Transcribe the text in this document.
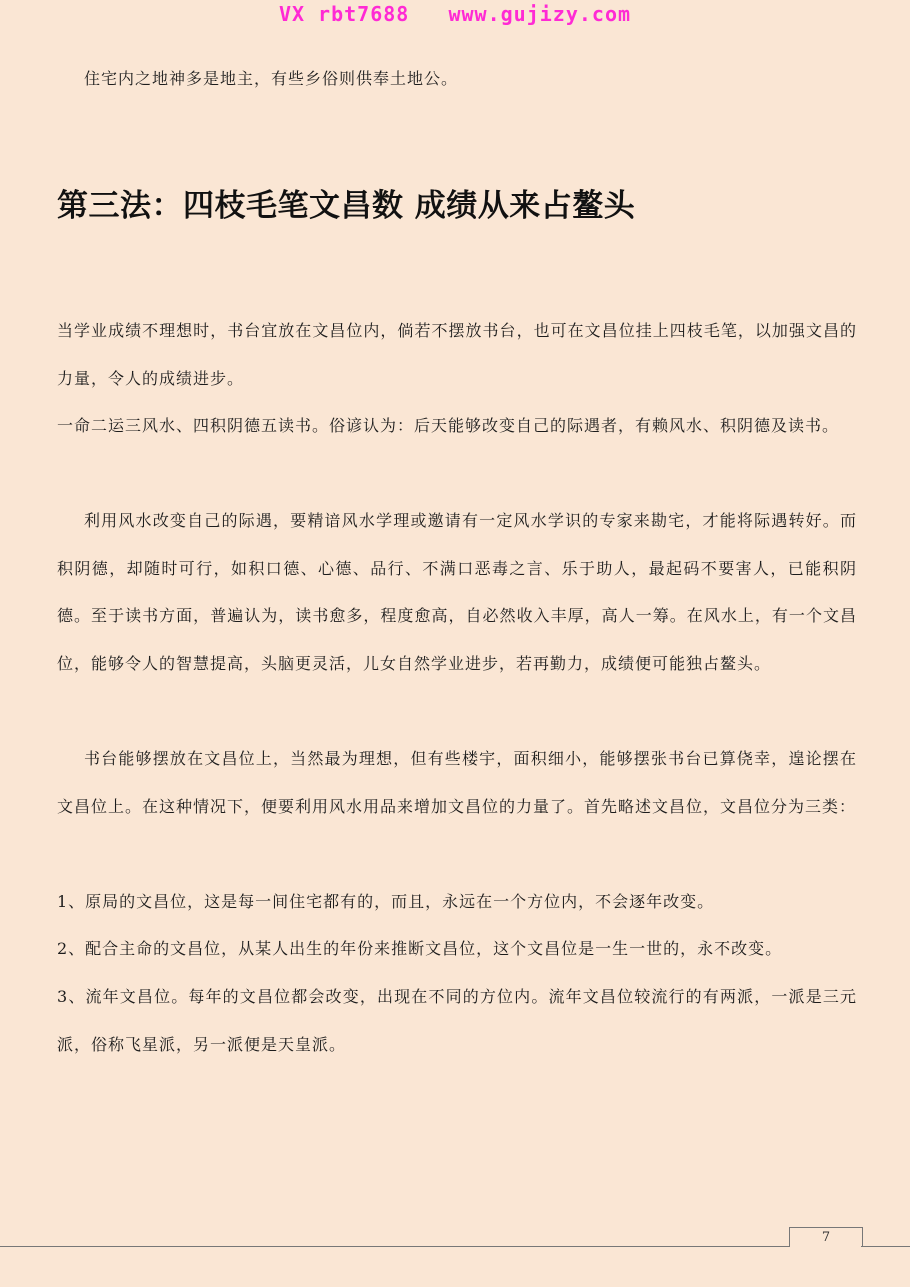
VX rbt7688   www.gujizy.com
住宅内之地神多是地主，有些乡俗则供奉土地公。
第三法：四枝毛笔文昌数 成绩从来占鳌头
当学业成绩不理想时，书台宜放在文昌位内，倘若不摆放书台，也可在文昌位挂上四枝毛笔，以加强文昌的力量，令人的成绩进步。
一命二运三风水、四积阴德五读书。俗谚认为：后天能够改变自己的际遇者，有赖风水、积阴德及读书。
利用风水改变自己的际遇，要精谙风水学理或邀请有一定风水学识的专家来勘宅，才能将际遇转好。而积阴德，却随时可行，如积口德、心德、品行、不满口恶毒之言、乐于助人，最起码不要害人，已能积阴德。至于读书方面，普遍认为，读书愈多，程度愈高，自必然收入丰厚，高人一筹。在风水上，有一个文昌位，能够令人的智慧提高，头脑更灵活，儿女自然学业进步，若再勤力，成绩便可能独占鳌头。
书台能够摆放在文昌位上，当然最为理想，但有些楼宇，面积细小，能够摆张书台已算侥幸，遑论摆在文昌位上。在这种情况下，便要利用风水用品来增加文昌位的力量了。首先略述文昌位，文昌位分为三类：
1、原局的文昌位，这是每一间住宅都有的，而且，永远在一个方位内，不会逐年改变。
2、配合主命的文昌位，从某人出生的年份来推断文昌位，这个文昌位是一生一世的，永不改变。
3、流年文昌位。每年的文昌位都会改变，出现在不同的方位内。流年文昌位较流行的有两派，一派是三元派，俗称飞星派，另一派便是天皇派。
7
